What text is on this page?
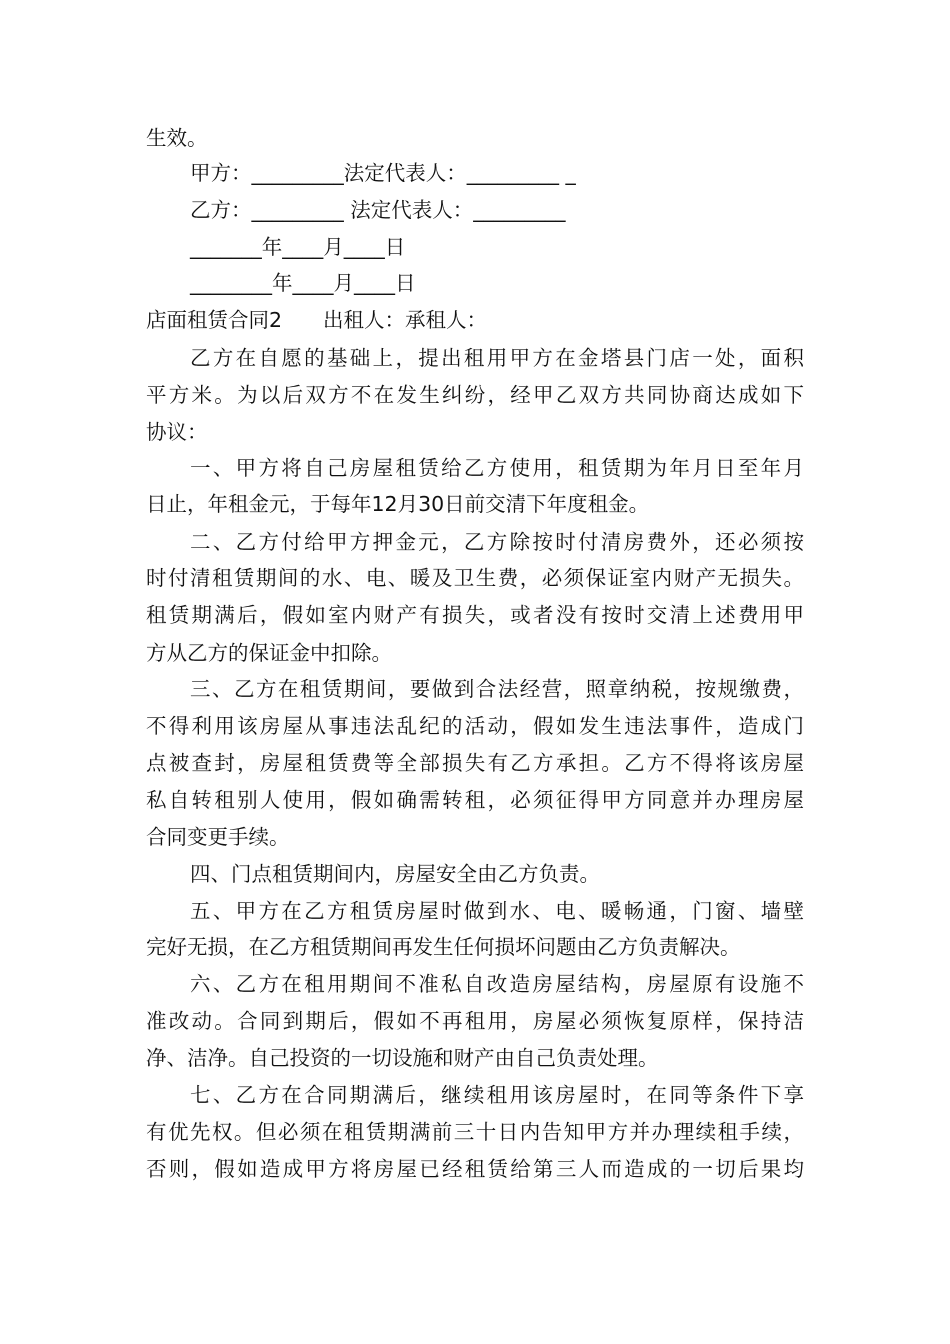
生效。
甲方：_________法定代表人：_________ _
乙方：_________ 法定代表人：_________
_______年____月____日
________年____月____日
店面租赁合同2　　出租人：承租人：
乙方在自愿的基础上，提出租用甲方在金塔县门店一处，面积
平方米。为以后双方不在发生纠纷，经甲乙双方共同协商达成如下
协议：
一、甲方将自己房屋租赁给乙方使用，租赁期为年月日至年月
日止，年租金元，于每年12月30日前交清下年度租金。
二、乙方付给甲方押金元，乙方除按时付清房费外，还必须按
时付清租赁期间的水、电、暖及卫生费，必须保证室内财产无损失。
租赁期满后，假如室内财产有损失，或者没有按时交清上述费用甲
方从乙方的保证金中扣除。
三、乙方在租赁期间，要做到合法经营，照章纳税，按规缴费，
不得利用该房屋从事违法乱纪的活动，假如发生违法事件，造成门
点被查封，房屋租赁费等全部损失有乙方承担。乙方不得将该房屋
私自转租别人使用，假如确需转租，必须征得甲方同意并办理房屋
合同变更手续。
四、门点租赁期间内，房屋安全由乙方负责。
五、甲方在乙方租赁房屋时做到水、电、暖畅通，门窗、墙壁
完好无损，在乙方租赁期间再发生任何损坏问题由乙方负责解决。
六、乙方在租用期间不准私自改造房屋结构，房屋原有设施不
准改动。合同到期后，假如不再租用，房屋必须恢复原样，保持洁
净、洁净。自己投资的一切设施和财产由自己负责处理。
七、乙方在合同期满后，继续租用该房屋时，在同等条件下享
有优先权。但必须在租赁期满前三十日内告知甲方并办理续租手续，
否则，假如造成甲方将房屋已经租赁给第三人而造成的一切后果均
